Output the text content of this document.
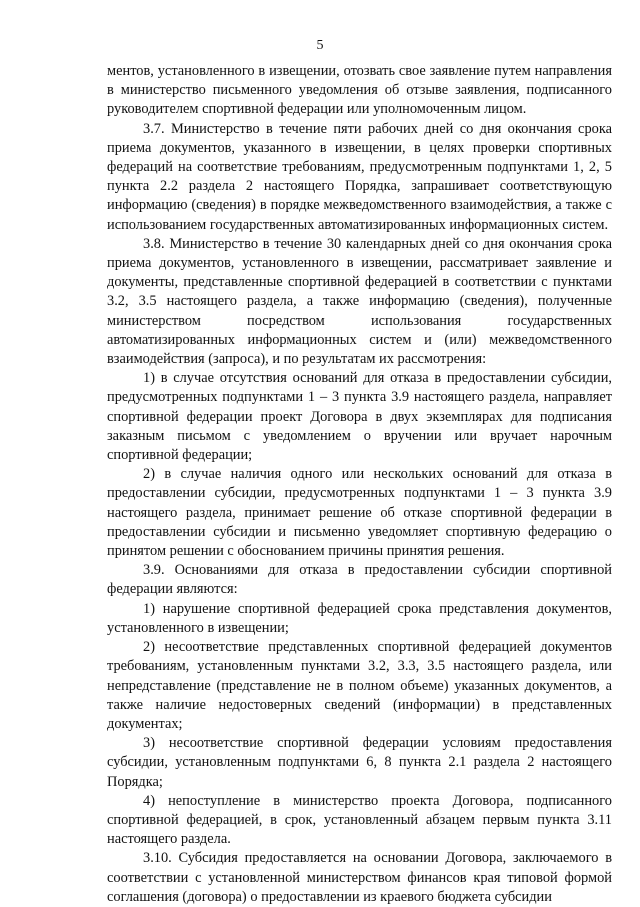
5

ментов, установленного в извещении, отозвать свое заявление путем направления в министерство письменного уведомления об отзыве заявления, подписанного руководителем спортивной федерации или уполномоченным лицом.

3.7. Министерство в течение пяти рабочих дней со дня окончания срока приема документов, указанного в извещении, в целях проверки спортивных федераций на соответствие требованиям, предусмотренным подпунктами 1, 2, 5 пункта 2.2 раздела 2 настоящего Порядка, запрашивает соответствующую информацию (сведения) в порядке межведомственного взаимодействия, а также с использованием государственных автоматизированных информационных систем.

3.8. Министерство в течение 30 календарных дней со дня окончания срока приема документов, установленного в извещении, рассматривает заявление и документы, представленные спортивной федерацией в соответствии с пунктами 3.2, 3.5 настоящего раздела, а также информацию (сведения), полученные министерством посредством использования государственных автоматизированных информационных систем и (или) межведомственного взаимодействия (запроса), и по результатам их рассмотрения:

1) в случае отсутствия оснований для отказа в предоставлении субсидии, предусмотренных подпунктами 1 – 3 пункта 3.9 настоящего раздела, направляет спортивной федерации проект Договора в двух экземплярах для подписания заказным письмом с уведомлением о вручении или вручает нарочным спортивной федерации;

2) в случае наличия одного или нескольких оснований для отказа в предоставлении субсидии, предусмотренных подпунктами 1 – 3 пункта 3.9 настоящего раздела, принимает решение об отказе спортивной федерации в предоставлении субсидии и письменно уведомляет спортивную федерацию о принятом решении с обоснованием причины принятия решения.

3.9. Основаниями для отказа в предоставлении субсидии спортивной федерации являются:

1) нарушение спортивной федерацией срока представления документов, установленного в извещении;

2) несоответствие представленных спортивной федерацией документов требованиям, установленным пунктами 3.2, 3.3, 3.5 настоящего раздела, или непредставление (представление не в полном объеме) указанных документов, а также наличие недостоверных сведений (информации) в представленных документах;

3) несоответствие спортивной федерации условиям предоставления субсидии, установленным подпунктами 6, 8 пункта 2.1 раздела 2 настоящего Порядка;

4) непоступление в министерство проекта Договора, подписанного спортивной федерацией, в срок, установленный абзацем первым пункта 3.11 настоящего раздела.

3.10. Субсидия предоставляется на основании Договора, заключаемого в соответствии с установленной министерством финансов края типовой формой соглашения (договора) о предоставлении из краевого бюджета субсидии
